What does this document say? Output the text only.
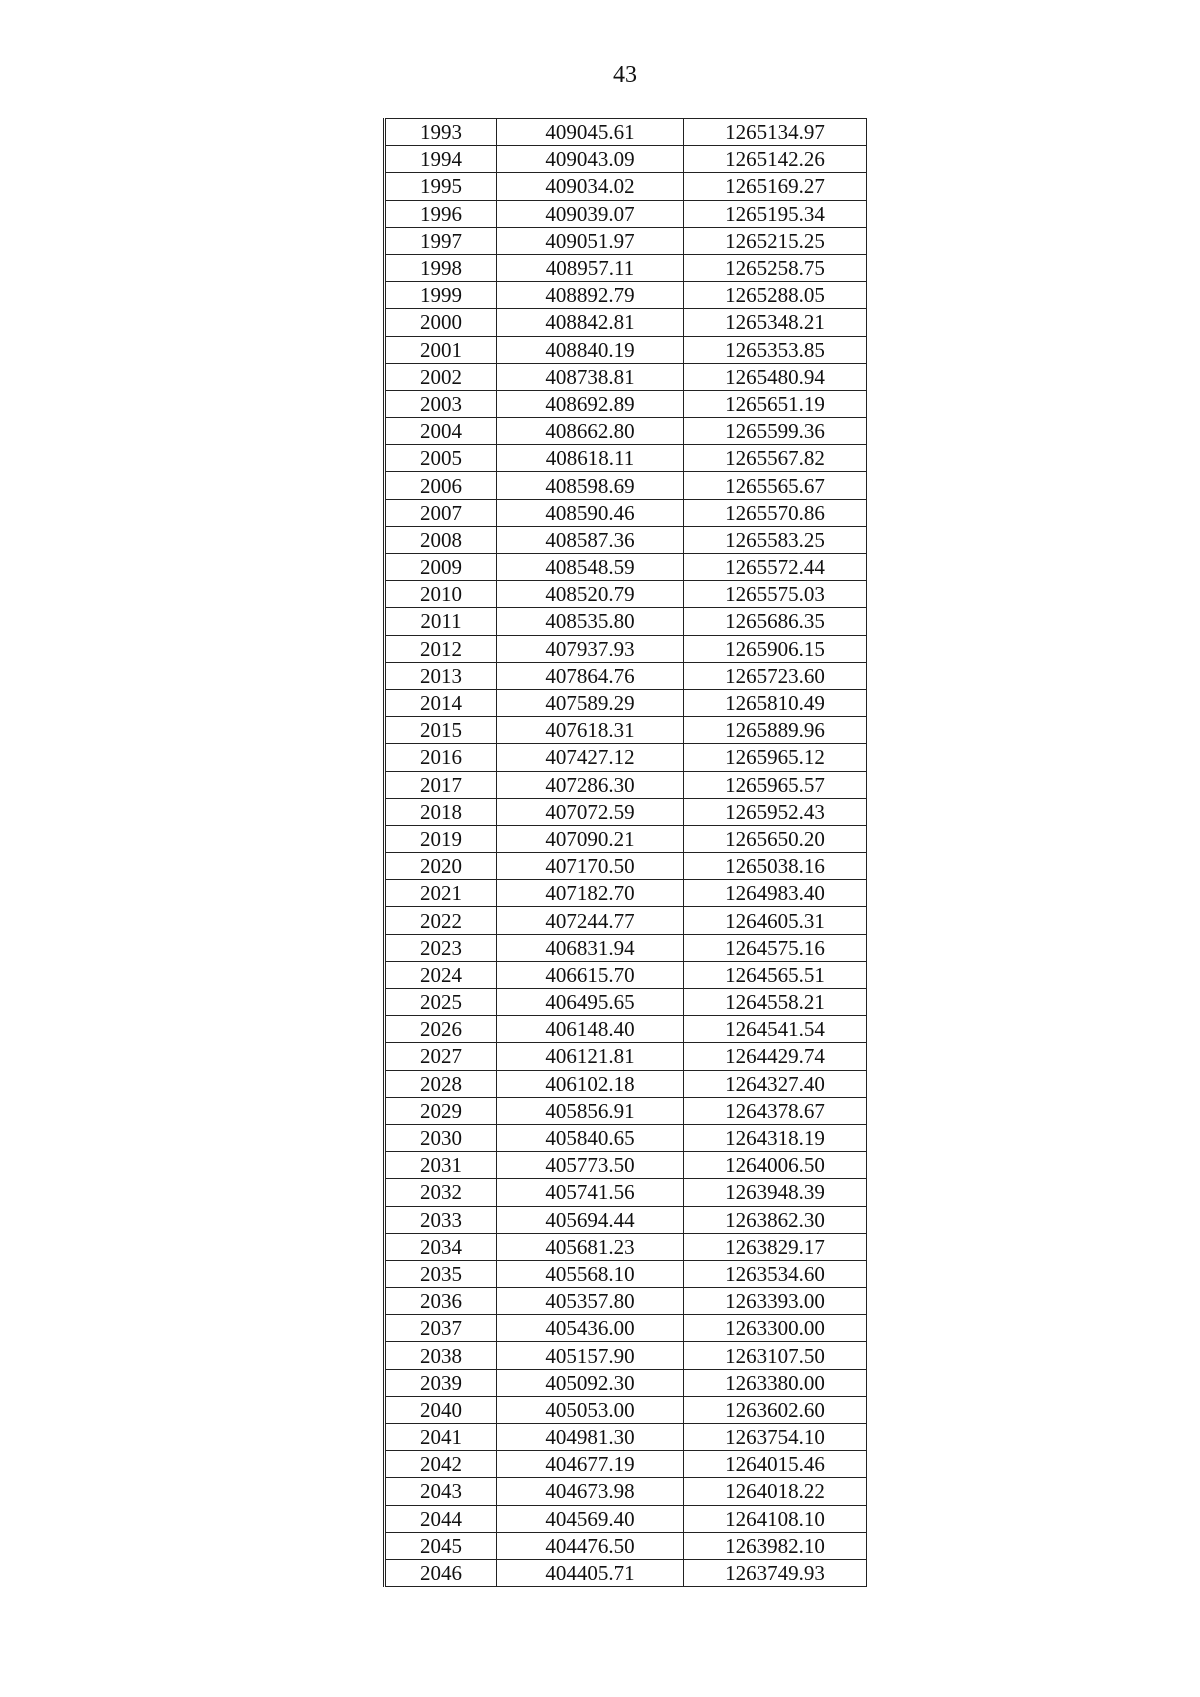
43
1993	409045.61	1265134.97
1994	409043.09	1265142.26
1995	409034.02	1265169.27
1996	409039.07	1265195.34
1997	409051.97	1265215.25
1998	408957.11	1265258.75
1999	408892.79	1265288.05
2000	408842.81	1265348.21
2001	408840.19	1265353.85
2002	408738.81	1265480.94
2003	408692.89	1265651.19
2004	408662.80	1265599.36
2005	408618.11	1265567.82
2006	408598.69	1265565.67
2007	408590.46	1265570.86
2008	408587.36	1265583.25
2009	408548.59	1265572.44
2010	408520.79	1265575.03
2011	408535.80	1265686.35
2012	407937.93	1265906.15
2013	407864.76	1265723.60
2014	407589.29	1265810.49
2015	407618.31	1265889.96
2016	407427.12	1265965.12
2017	407286.30	1265965.57
2018	407072.59	1265952.43
2019	407090.21	1265650.20
2020	407170.50	1265038.16
2021	407182.70	1264983.40
2022	407244.77	1264605.31
2023	406831.94	1264575.16
2024	406615.70	1264565.51
2025	406495.65	1264558.21
2026	406148.40	1264541.54
2027	406121.81	1264429.74
2028	406102.18	1264327.40
2029	405856.91	1264378.67
2030	405840.65	1264318.19
2031	405773.50	1264006.50
2032	405741.56	1263948.39
2033	405694.44	1263862.30
2034	405681.23	1263829.17
2035	405568.10	1263534.60
2036	405357.80	1263393.00
2037	405436.00	1263300.00
2038	405157.90	1263107.50
2039	405092.30	1263380.00
2040	405053.00	1263602.60
2041	404981.30	1263754.10
2042	404677.19	1264015.46
2043	404673.98	1264018.22
2044	404569.40	1264108.10
2045	404476.50	1263982.10
2046	404405.71	1263749.93
